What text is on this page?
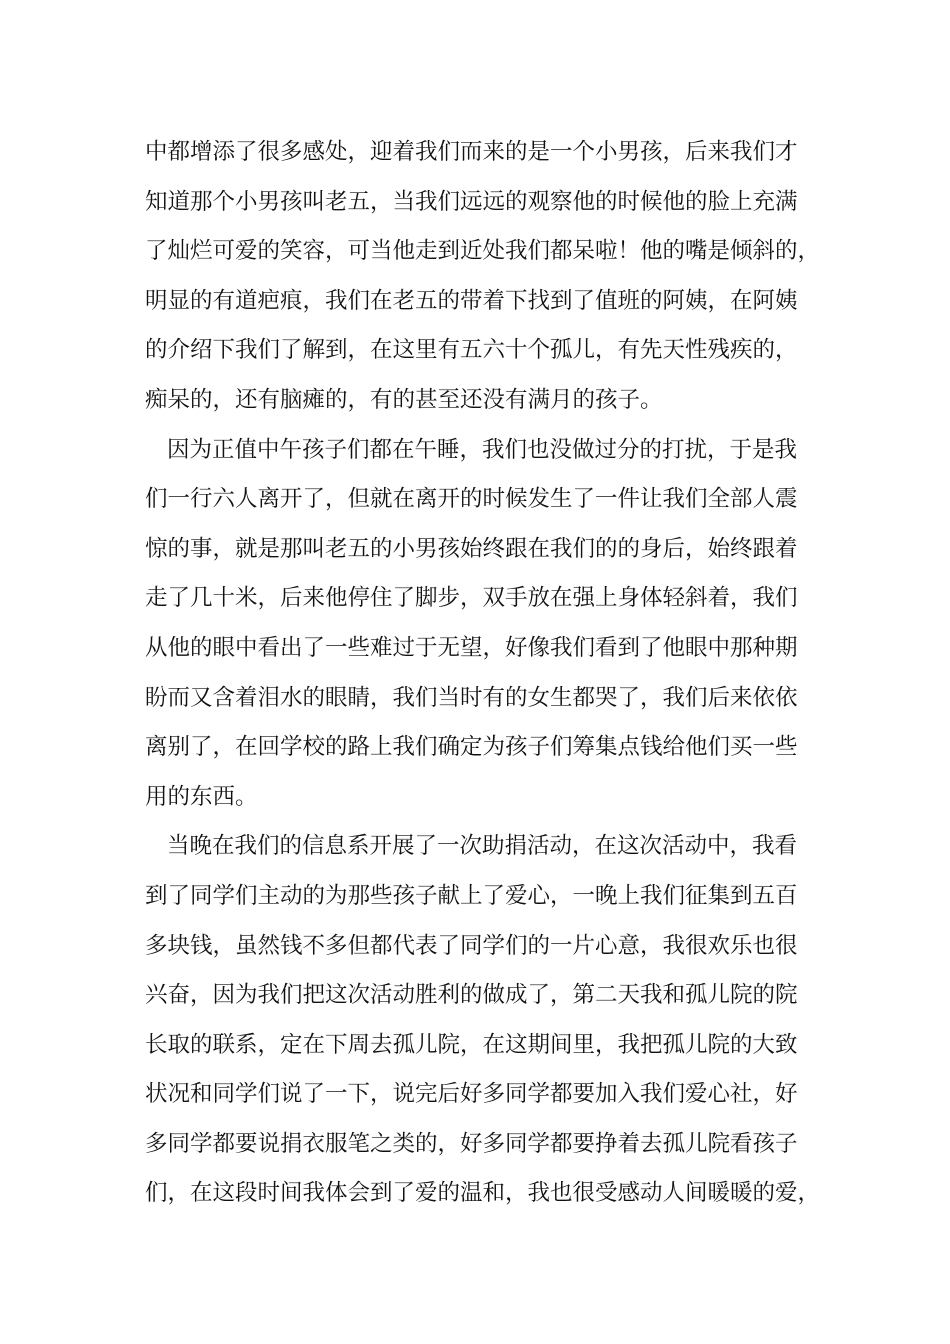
中都增添了很多感处，迎着我们而来的是一个小男孩，后来我们才
知道那个小男孩叫老五，当我们远远的观察他的时候他的脸上充满
了灿烂可爱的笑容，可当他走到近处我们都呆啦！他的嘴是倾斜的，
明显的有道疤痕，我们在老五的带着下找到了值班的阿姨，在阿姨
的介绍下我们了解到，在这里有五六十个孤儿，有先天性残疾的，
痴呆的，还有脑瘫的，有的甚至还没有满月的孩子。
因为正值中午孩子们都在午睡，我们也没做过分的打扰，于是我
们一行六人离开了，但就在离开的时候发生了一件让我们全部人震
惊的事，就是那叫老五的小男孩始终跟在我们的的身后，始终跟着
走了几十米，后来他停住了脚步，双手放在强上身体轻斜着，我们
从他的眼中看出了一些难过于无望，好像我们看到了他眼中那种期
盼而又含着泪水的眼睛，我们当时有的女生都哭了，我们后来依依
离别了，在回学校的路上我们确定为孩子们筹集点钱给他们买一些
用的东西。
当晚在我们的信息系开展了一次助捐活动，在这次活动中，我看
到了同学们主动的为那些孩子献上了爱心，一晚上我们征集到五百
多块钱，虽然钱不多但都代表了同学们的一片心意，我很欢乐也很
兴奋，因为我们把这次活动胜利的做成了，第二天我和孤儿院的院
长取的联系，定在下周去孤儿院，在这期间里，我把孤儿院的大致
状况和同学们说了一下，说完后好多同学都要加入我们爱心社，好
多同学都要说捐衣服笔之类的，好多同学都要挣着去孤儿院看孩子
们，在这段时间我体会到了爱的温和，我也很受感动人间暖暖的爱，
